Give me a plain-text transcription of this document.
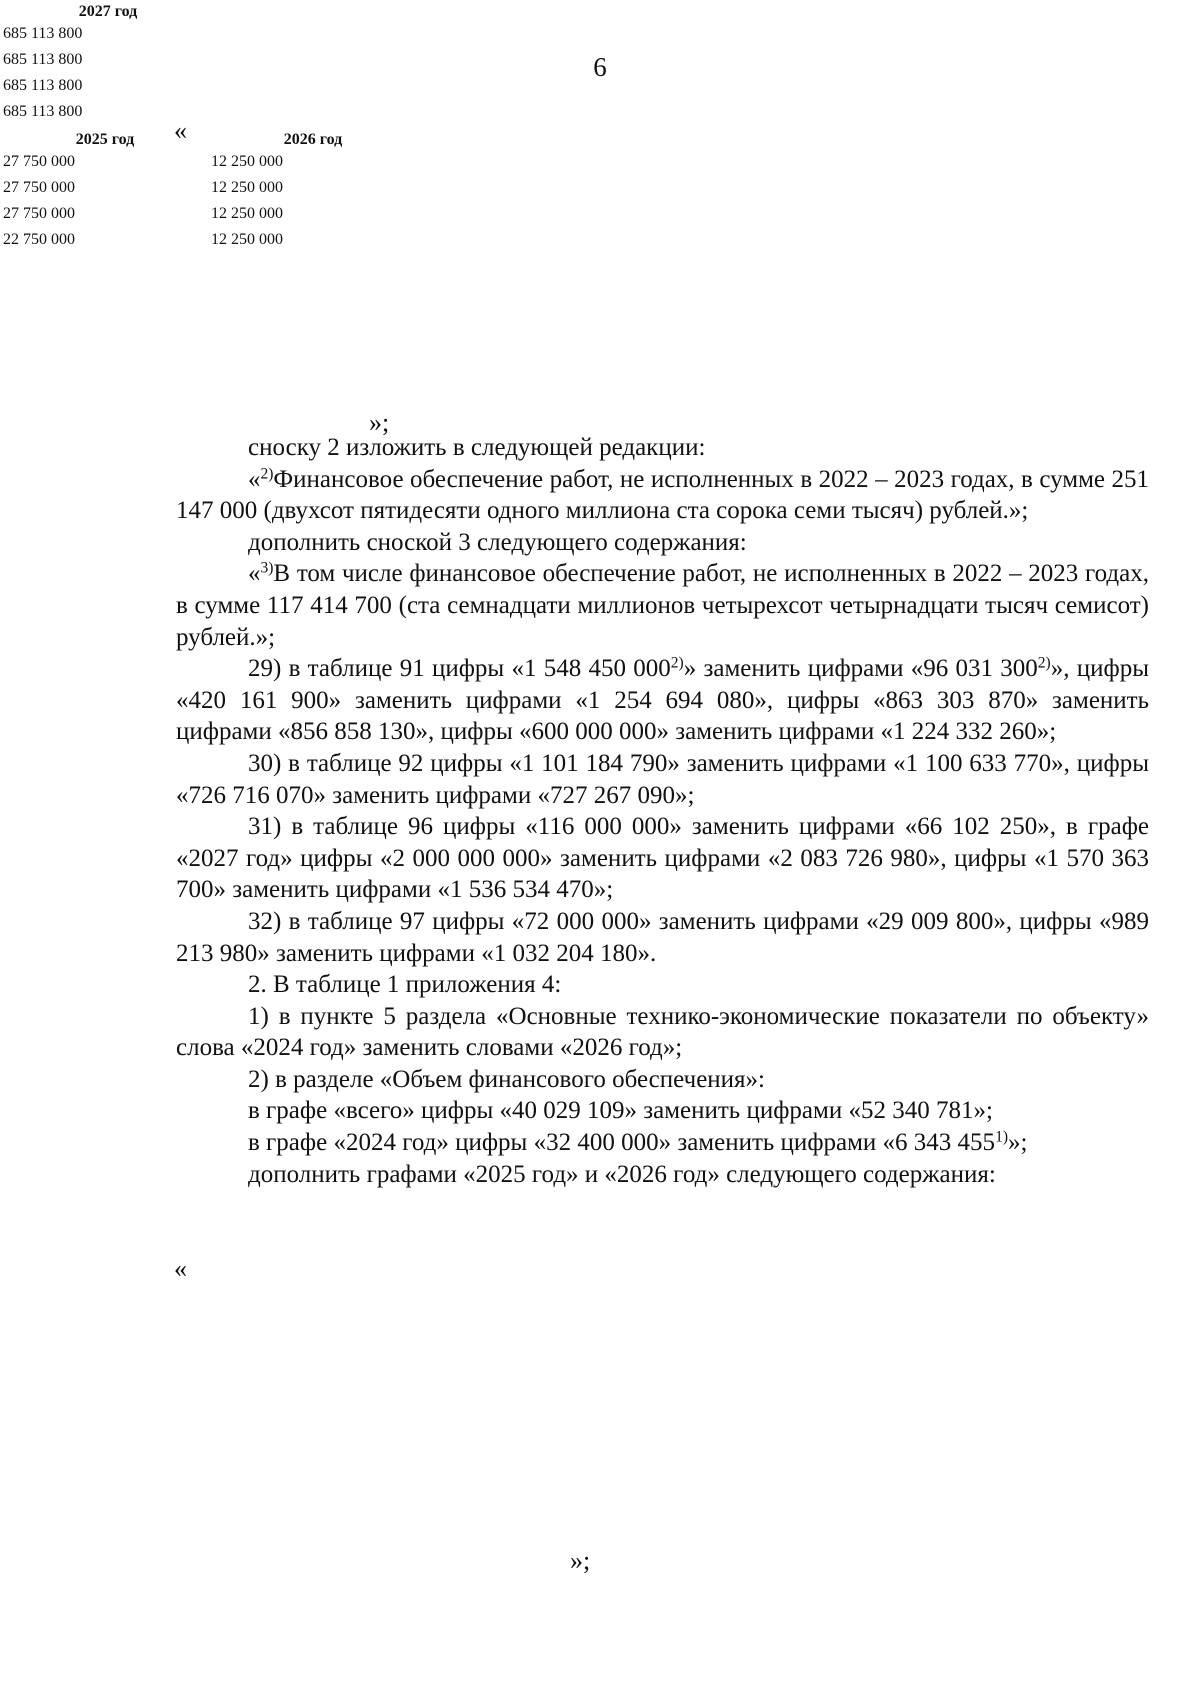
6
«
2027 год
685 113 800

685 113 800

685 113 800

685 113 800

»;

сноску 2 изложить в следующей редакции:

«$^{2)}$Финансовое обеспечение работ, не исполненных в 2022 – 2023 годах, в сумме 251 147 000 (двухсот пятидесяти одного миллиона ста сорока семи тысяч) рублей.»;

дополнить сноской 3 следующего содержания:

«$^{3)}$В том числе финансовое обеспечение работ, не исполненных в 2022 – 2023 годах, в сумме 117 414 700 (ста семнадцати миллионов четырехсот четырнадцати тысяч семисот) рублей.»;

29) в таблице 91 цифры «1 548 450 000$^{2)}$» заменить цифрами «96 031 300$^{2)}$», цифры «420 161 900» заменить цифрами «1 254 694 080», цифры «863 303 870» заменить цифрами «856 858 130», цифры «600 000 000» заменить цифрами «1 224 332 260»;

30) в таблице 92 цифры «1 101 184 790» заменить цифрами «1 100 633 770», цифры «726 716 070» заменить цифрами «727 267 090»;

31) в таблице 96 цифры «116 000 000» заменить цифрами «66 102 250», в графе «2027 год» цифры «2 000 000 000» заменить цифрами «2 083 726 980», цифры «1 570 363 700» заменить цифрами «1 536 534 470»;

32) в таблице 97 цифры «72 000 000» заменить цифрами «29 009 800», цифры «989 213 980» заменить цифрами «1 032 204 180».

2. В таблице 1 приложения 4:

1) в пункте 5 раздела «Основные технико-экономические показатели по объекту» слова «2024 год» заменить словами «2026 год»;

2) в разделе «Объем финансового обеспечения»:

в графе «всего» цифры «40 029 109» заменить цифрами «52 340 781»;

в графе «2024 год» цифры «32 400 000» заменить цифрами «6 343 455$^{1)}$»;

дополнить графами «2025 год» и «2026 год» следующего содержания:

«
2025 год	2026 год
27 750 000	12 250 000

27 750 000	12 250 000

27 750 000	12 250 000

22 750 000	12 250 000

»;
